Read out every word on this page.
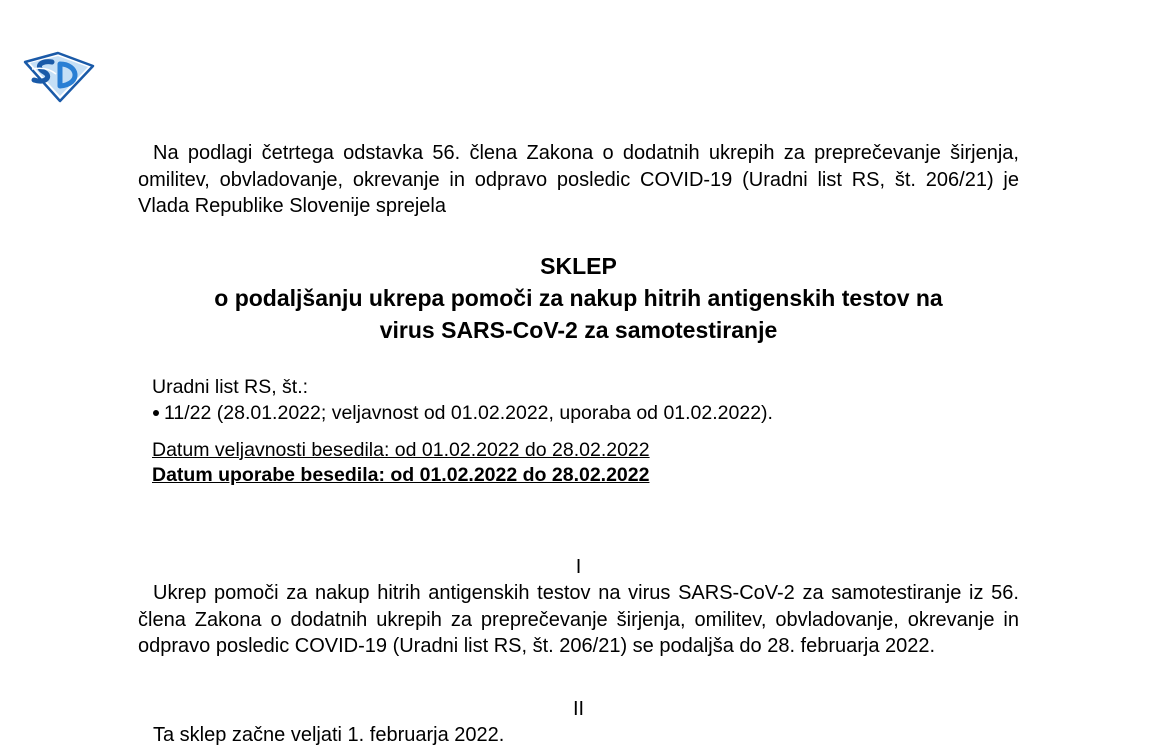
Na podlagi četrtega odstavka 56. člena Zakona o dodatnih ukrepih za preprečevanje širjenja, omilitev, obvladovanje, okrevanje in odpravo posledic COVID-19 (Uradni list RS, št. 206/21) je Vlada Republike Slovenije sprejela

SKLEP
o podaljšanju ukrepa pomoči za nakup hitrih antigenskih testov na
virus SARS-CoV-2 za samotestiranje
Uradni list RS, št.:
11/22 (28.01.2022; veljavnost od 01.02.2022, uporaba od 01.02.2022).
Datum veljavnosti besedila: od 01.02.2022 do 28.02.2022
Datum uporabe besedila: od 01.02.2022 do 28.02.2022

I

Ukrep pomoči za nakup hitrih antigenskih testov na virus SARS-CoV-2 za samotestiranje iz 56. člena Zakona o dodatnih ukrepih za preprečevanje širjenja, omilitev, obvladovanje, okrevanje in odpravo posledic COVID-19 (Uradni list RS, št. 206/21) se podaljša do 28. februarja 2022.

II

Ta sklep začne veljati 1. februarja 2022.
